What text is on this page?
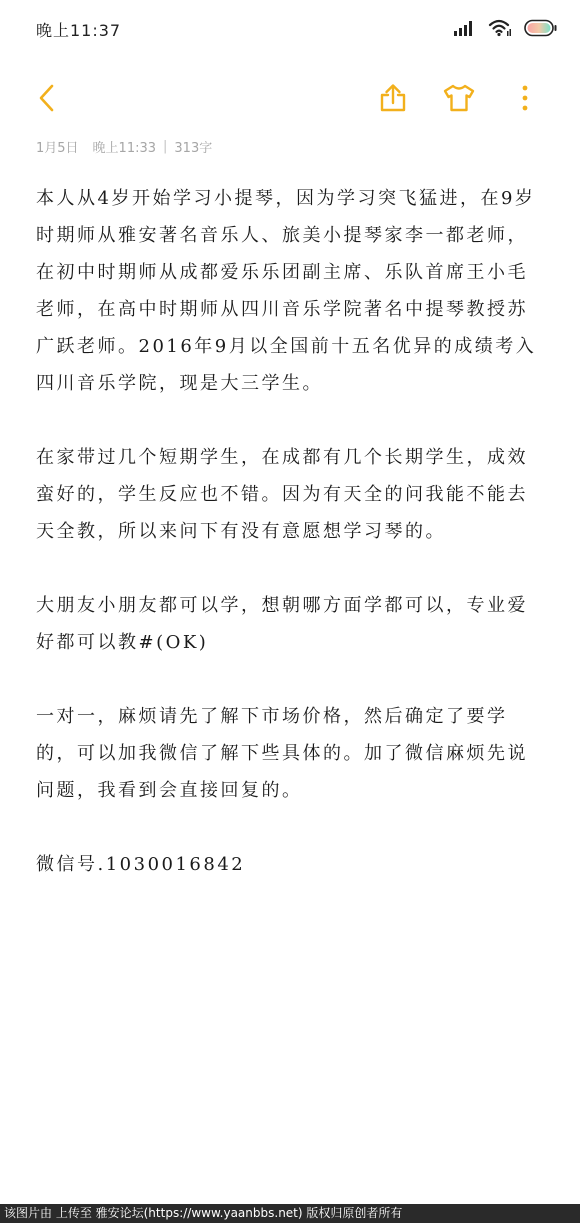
晚上11:37
1月5日 晚上11:33 | 313字

本人从4岁开始学习小提琴，因为学习突飞猛进，在9岁时期师从雅安著名音乐人、旅美小提琴家李一都老师，在初中时期师从成都爱乐乐团副主席、乐队首席王小毛老师，在高中时期师从四川音乐学院著名中提琴教授苏广跃老师。2016年9月以全国前十五名优异的成绩考入四川音乐学院，现是大三学生。

在家带过几个短期学生，在成都有几个长期学生，成效蛮好的，学生反应也不错。因为有天全的问我能不能去天全教，所以来问下有没有意愿想学习琴的。

大朋友小朋友都可以学，想朝哪方面学都可以，专业爱好都可以教#(OK)

一对一，麻烦请先了解下市场价格，然后确定了要学的，可以加我微信了解下些具体的。加了微信麻烦先说问题，我看到会直接回复的。

微信号.1030016842

该图片由 上传至 雅安论坛(https://www.yaanbbs.net) 版权归原创者所有
